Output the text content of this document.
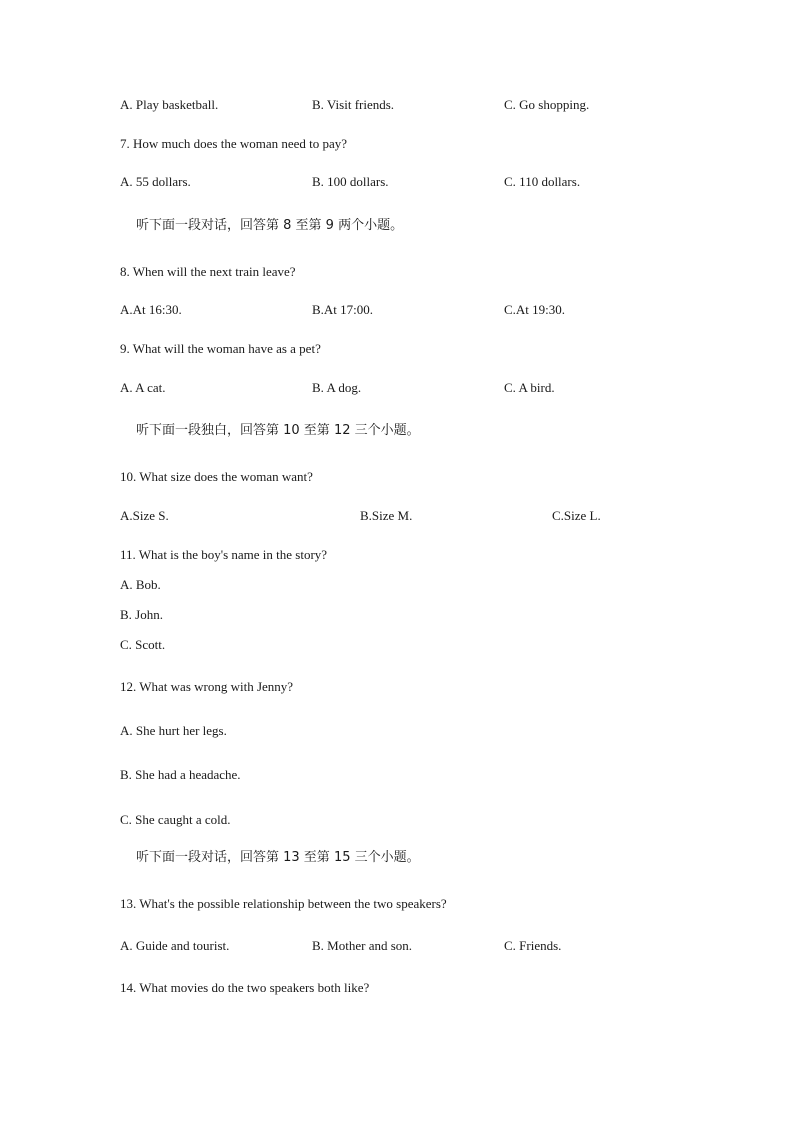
A. Play basketball.	B. Visit friends.	C. Go shopping.
7. How much does the woman need to pay?
A. 55 dollars.	B. 100 dollars.	C. 110 dollars.
听下面一段对话，回答第 8 至第 9 两个小题。
8. When will the next train leave?
A.At 16:30.	B.At 17:00.	C.At 19:30.
9. What will the woman have as a pet?
A. A cat.	B. A dog.	C. A bird.
听下面一段独白，回答第 10 至第 12 三个小题。
10. What size does the woman want?
A.Size S.	B.Size M.	C.Size L.
11. What is the boy's name in the story?
A. Bob.
B. John.
C. Scott.
12. What was wrong with Jenny?
A. She hurt her legs.
B. She had a headache.
C. She caught a cold.
听下面一段对话，回答第 13 至第 15 三个小题。
13. What's the possible relationship between the two speakers?
A. Guide and tourist.	B. Mother and son.	C. Friends.
14. What movies do the two speakers both like?
